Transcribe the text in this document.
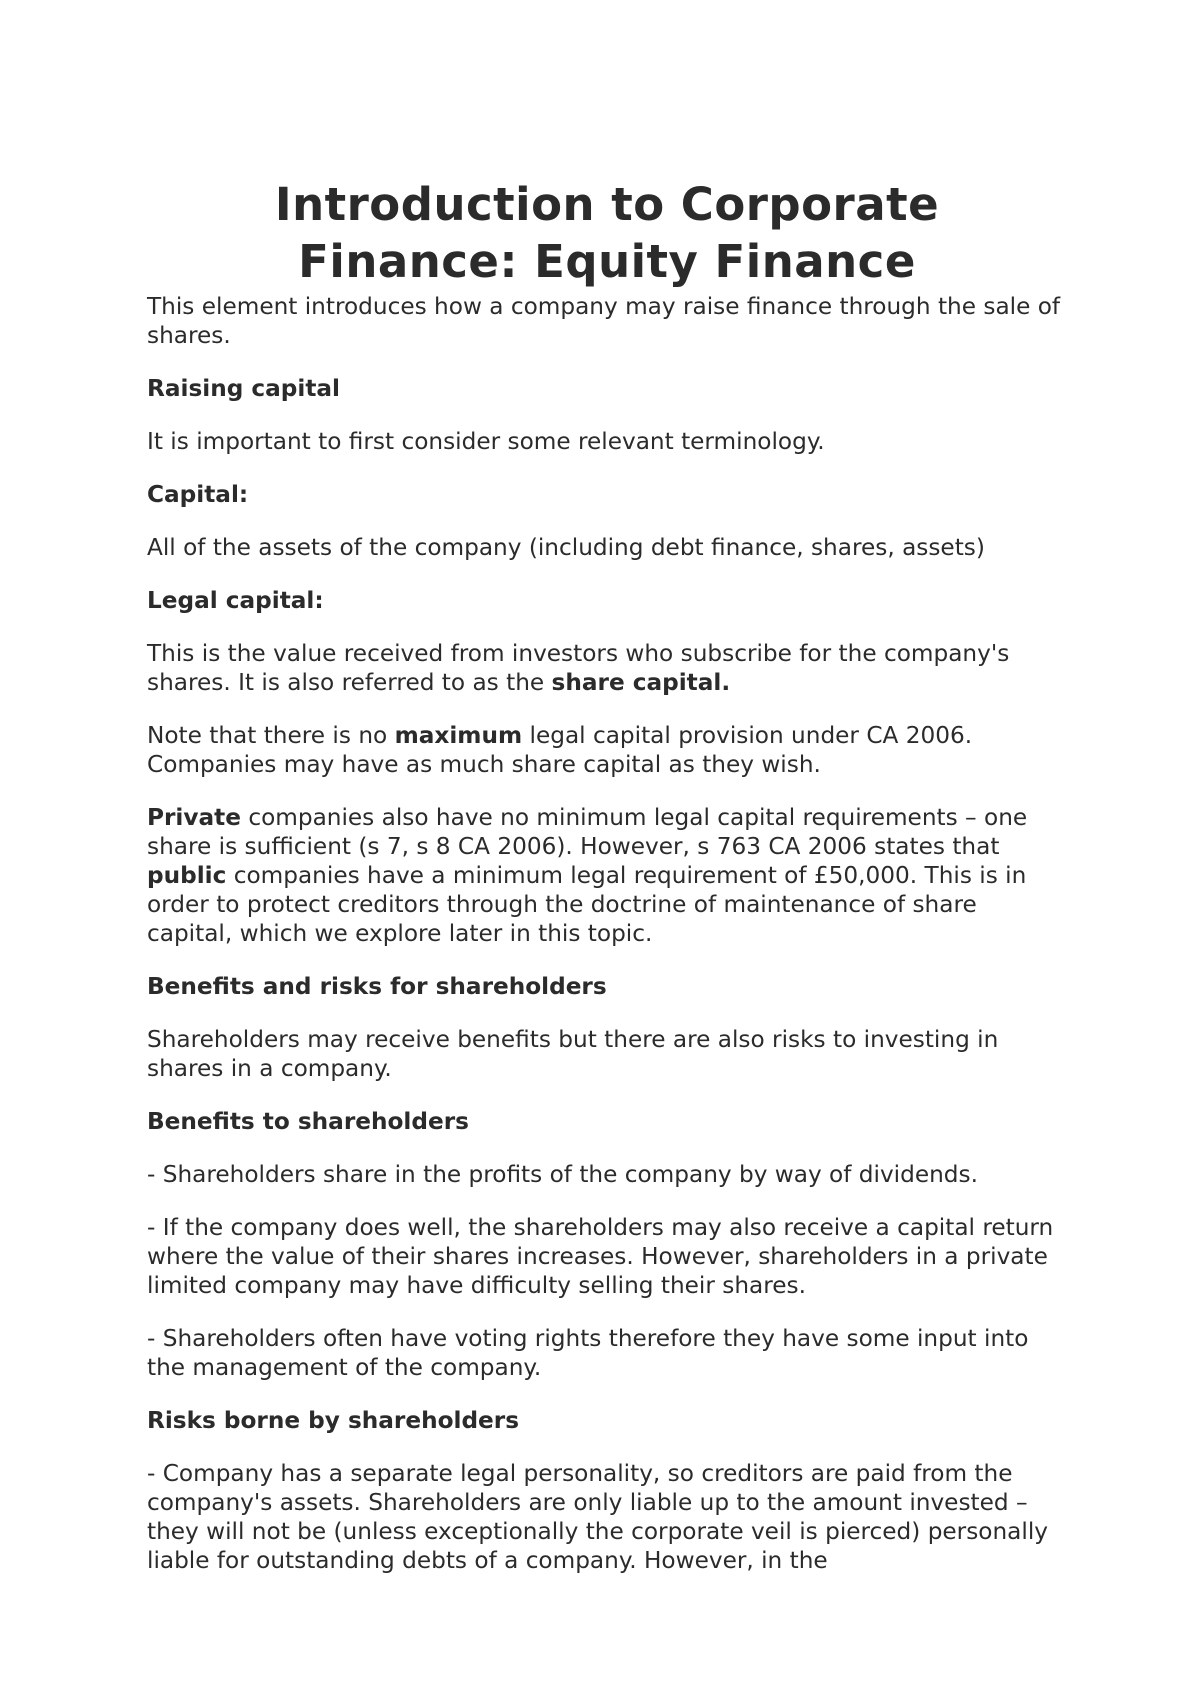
Introduction to Corporate
Finance: Equity Finance

This element introduces how a company may raise finance through the sale of shares.

Raising capital

It is important to first consider some relevant terminology.

Capital:

All of the assets of the company (including debt finance, shares, assets)

Legal capital:

This is the value received from investors who subscribe for the company's shares. It is also referred to as the share capital.

Note that there is no maximum legal capital provision under CA 2006. Companies may have as much share capital as they wish.

Private companies also have no minimum legal capital requirements – one share is sufficient (s 7, s 8 CA 2006). However, s 763 CA 2006 states that public companies have a minimum legal requirement of £50,000. This is in order to protect creditors through the doctrine of maintenance of share capital, which we explore later in this topic.

Benefits and risks for shareholders

Shareholders may receive benefits but there are also risks to investing in shares in a company.

Benefits to shareholders

- Shareholders share in the profits of the company by way of dividends.

- If the company does well, the shareholders may also receive a capital return where the value of their shares increases. However, shareholders in a private limited company may have difficulty selling their shares.

- Shareholders often have voting rights therefore they have some input into the management of the company.

Risks borne by shareholders

- Company has a separate legal personality, so creditors are paid from the company's assets. Shareholders are only liable up to the amount invested – they will not be (unless exceptionally the corporate veil is pierced) personally liable for outstanding debts of a company. However, in the
